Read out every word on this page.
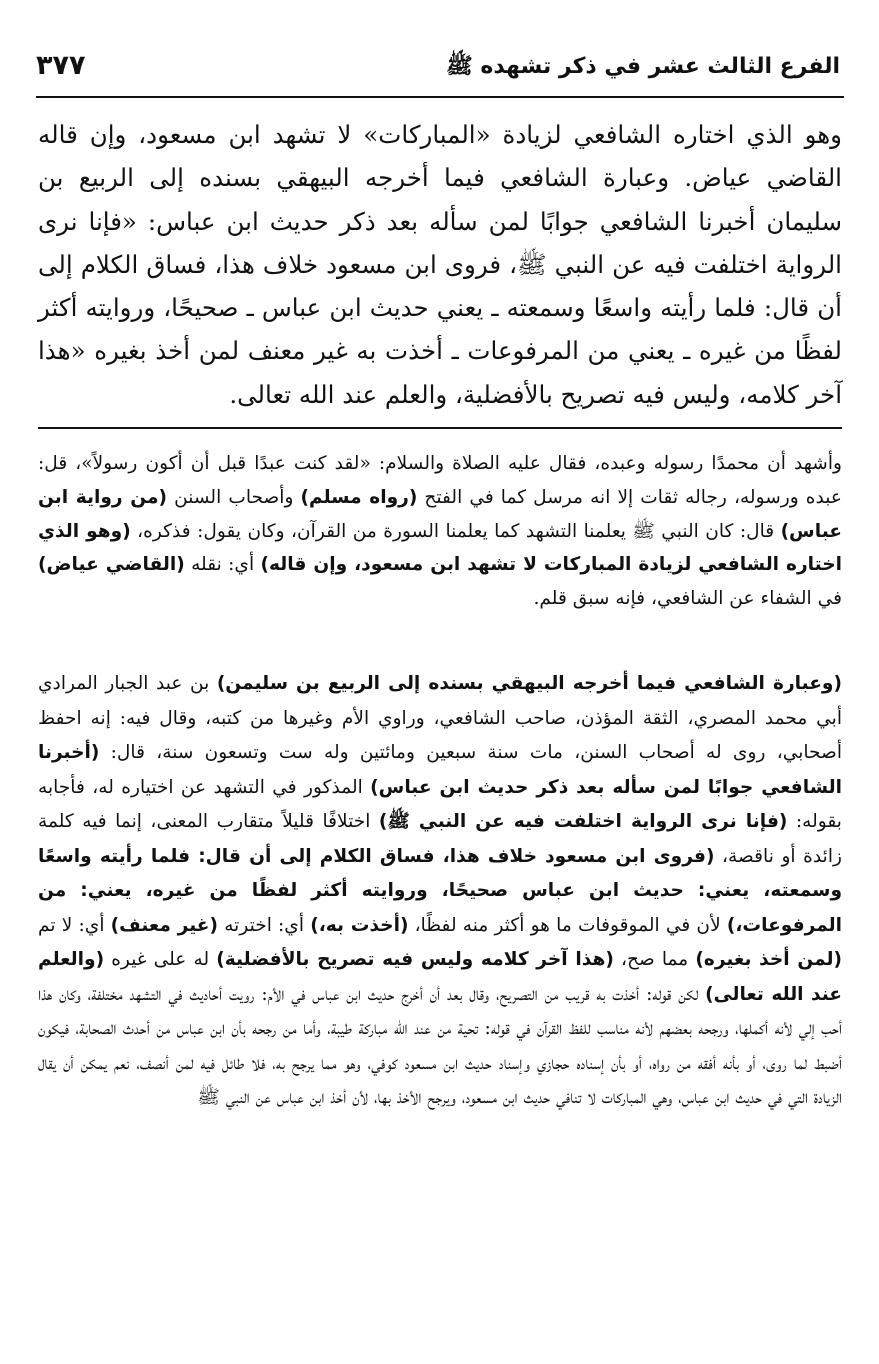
٣٧٧	الفرع الثالث عشر في ذكر تشهده ﷺ

وهو الذي اختاره الشافعي لزيادة «المباركات» لا تشهد ابن مسعود، وإن قاله القاضي عياض. وعبارة الشافعي فيما أخرجه البيهقي بسنده إلى الربيع بن سليمان أخبرنا الشافعي جوابًا لمن سأله بعد ذكر حديث ابن عباس: «فإنا نرى الرواية اختلفت فيه عن النبي ﷺ، فروى ابن مسعود خلاف هذا، فساق الكلام إلى أن قال: فلما رأيته واسعًا وسمعته ـ يعني حديث ابن عباس ـ صحيحًا، وروايته أكثر لفظًا من غيره ـ يعني من المرفوعات ـ أخذت به غير معنف لمن أخذ بغيره «هذا آخر كلامه، وليس فيه تصريح بالأفضلية، والعلم عند الله تعالى.

وأشهد أن محمدًا رسوله وعبده، فقال عليه الصلاة والسلام: «لقد كنت عبدًا قبل أن أكون رسولاً»، قل: عبده ورسوله، رجاله ثقات إلا انه مرسل كما في الفتح (رواه مسلم) وأصحاب السنن (من رواية ابن عباس) قال: كان النبي ﷺ يعلمنا التشهد كما يعلمنا السورة من القرآن، وكان يقول: فذكره، (وهو الذي اختاره الشافعي لزيادة المباركات لا تشهد ابن مسعود، وإن قاله) أي: نقله (القاضي عياض) في الشفاء عن الشافعي، فإنه سبق قلم.

(وعبارة الشافعي فيما أخرجه البيهقي بسنده إلى الربيع بن سليمن) بن عبد الجبار المرادي أبي محمد المصري، الثقة المؤذن، صاحب الشافعي، وراوي الأم وغيرها من كتبه، وقال فيه: إنه احفظ أصحابي، روى له أصحاب السنن، مات سنة سبعين ومائتين وله ست وتسعون سنة، قال: (أخبرنا الشافعي جوابًا لمن سأله بعد ذكر حديث ابن عباس) المذكور في التشهد عن اختياره له، فأجابه بقوله: (فإنا نرى الرواية اختلفت فيه عن النبي ﷺ) اختلافًا قليلاً متقارب المعنى، إنما فيه كلمة زائدة أو ناقصة، (فروى ابن مسعود خلاف هذا، فساق الكلام إلى أن قال: فلما رأيته واسعًا وسمعته، يعني: حديث ابن عباس صحيحًا، وروايته أكثر لفظًا من غيره، يعني: من المرفوعات،) لأن في الموقوفات ما هو أكثر منه لفظًا، (أخذت به،) أي: اخترته (غير معنف) أي: لا تم (لمن أخذ بغيره) مما صح، (هذا آخر كلامه وليس فيه تصريح بالأفضلية) له على غيره (والعلم عند الله تعالى) لكن قوله: أخذت به قريب من التصريح، وقال بعد أن أخرج حديث ابن عباس في الأم: رويت أحاديث في التشهد مختلفة، وكان هذا أحب إلي لأنه أكملها، ورجحه بعضهم لأنه مناسب للفظ القرآن في قوله: تحية من عند الله مباركة طيبة، وأما من رجحه بأن ابن عباس من أحدث الصحابة، فيكون أضبط لما روى، أو بأنه أفقه من رواه، أو بأن إسناده حجازي وإسناد حديث ابن مسعود كوفي، وهو مما يرجح به، فلا طائل فيه لمن أنصف، نعم يمكن أن يقال الزيادة التي في حديث ابن عباس، وهي المباركات لا تنافي حديث ابن مسعود، ويرجح الأخذ بها، لأن أخذ ابن عباس عن النبي ﷺ
